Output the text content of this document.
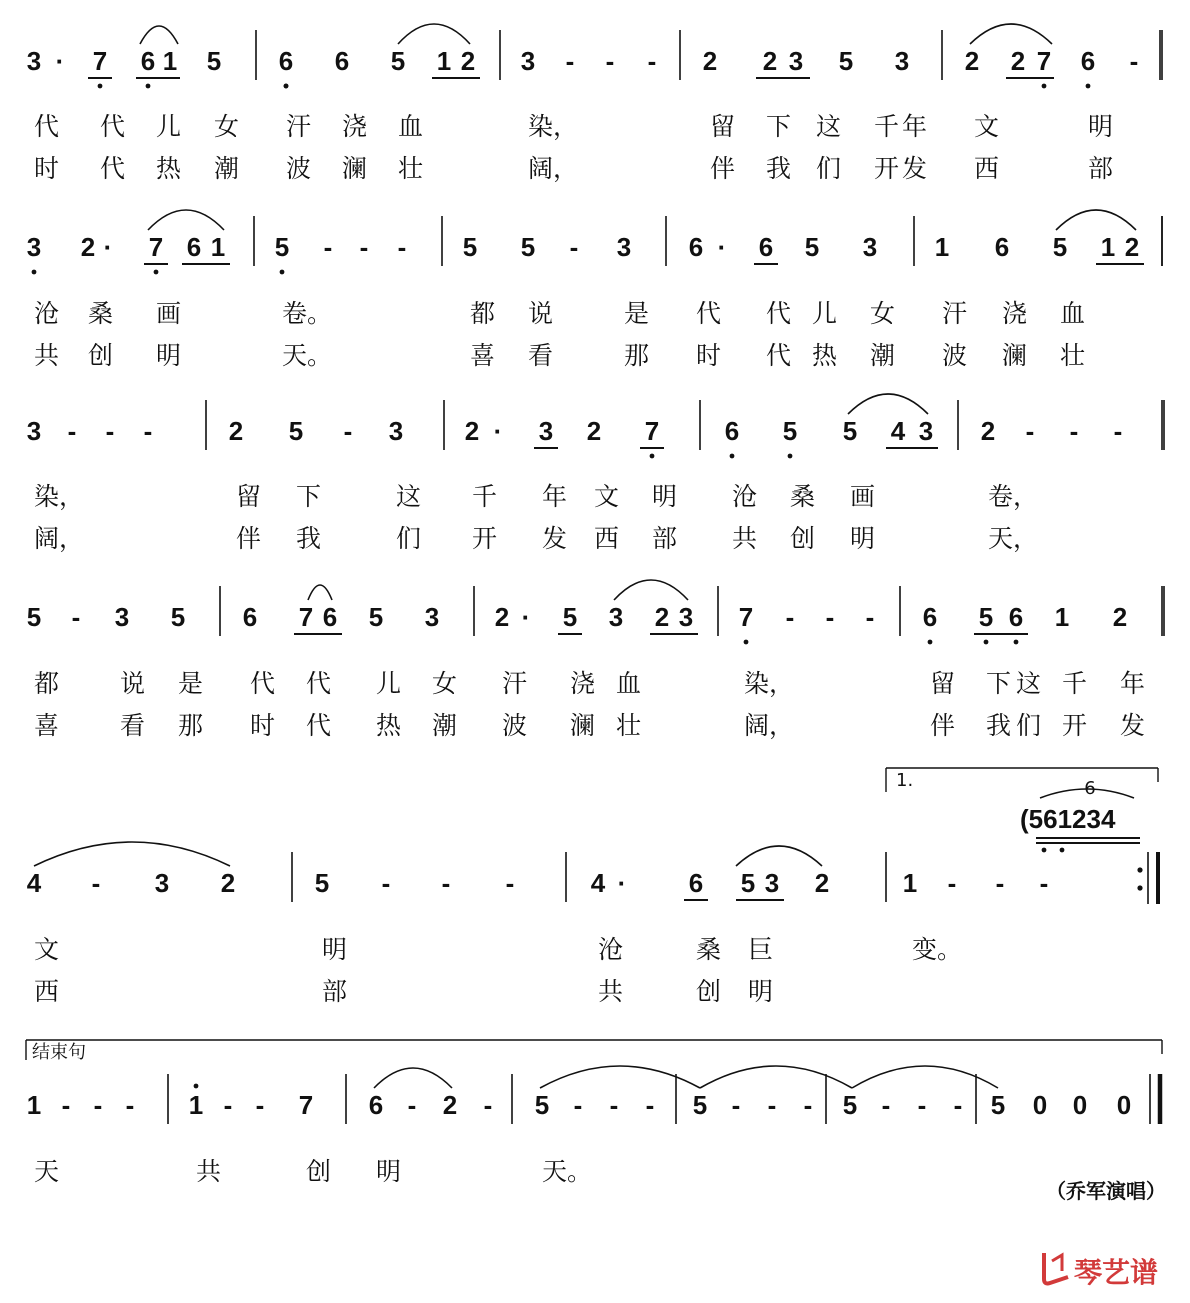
3 · 7 6 1 5 6 6 5 1 2 3 - - - 2 2 3 5 3 2 2 7 6 -
代 代 儿 女 汗 浇 血	染，	留 下 这 千 年 文	明
时 代 热 潮 波 澜 壮	阔，	伴 我 们 开 发 西	部
3 2 · 7 6 1 5 - - - 5 5 - 3 6 · 6 5 3 1 6 5 1 2
沧 桑 画	卷。	都 说	是 代 代 儿 女 汗 浇 血
共 创 明	天。	喜 看	那 时 代 热 潮 波 澜 壮
3 - - -	2 5 - 3 2 · 3 2 7	6 5 5 4 3 2 - - -
染，	留 下	这 千 年 文 明 沧 桑 画	卷，
阔，	伴 我	们 开 发 西 部 共 创 明	天，
5 - 3 5 6 7 6 5 3 2 · 5 3 2 3 7 - - - 6 5 6 1 2
都 说 是 代 代 儿 女 汗 浇 血	染，	留 下 这 千 年
喜 看 那 时 代 热 潮 波 澜 壮	阔，	伴 我 们 开 发
4 - 3 2	5 - - -	4 · 6 5 3 2	1 - - -
文	明	沧	桑 巨	变。
西	部	共	创 明
1 - - - 1 - - 7 6 - 2 - 5 - - - 5 - - - 5 - - - 5 0 0 0
天	共	创 明	天。
1.
(561234
6
结束句
（乔军演唱）
琴艺谱
